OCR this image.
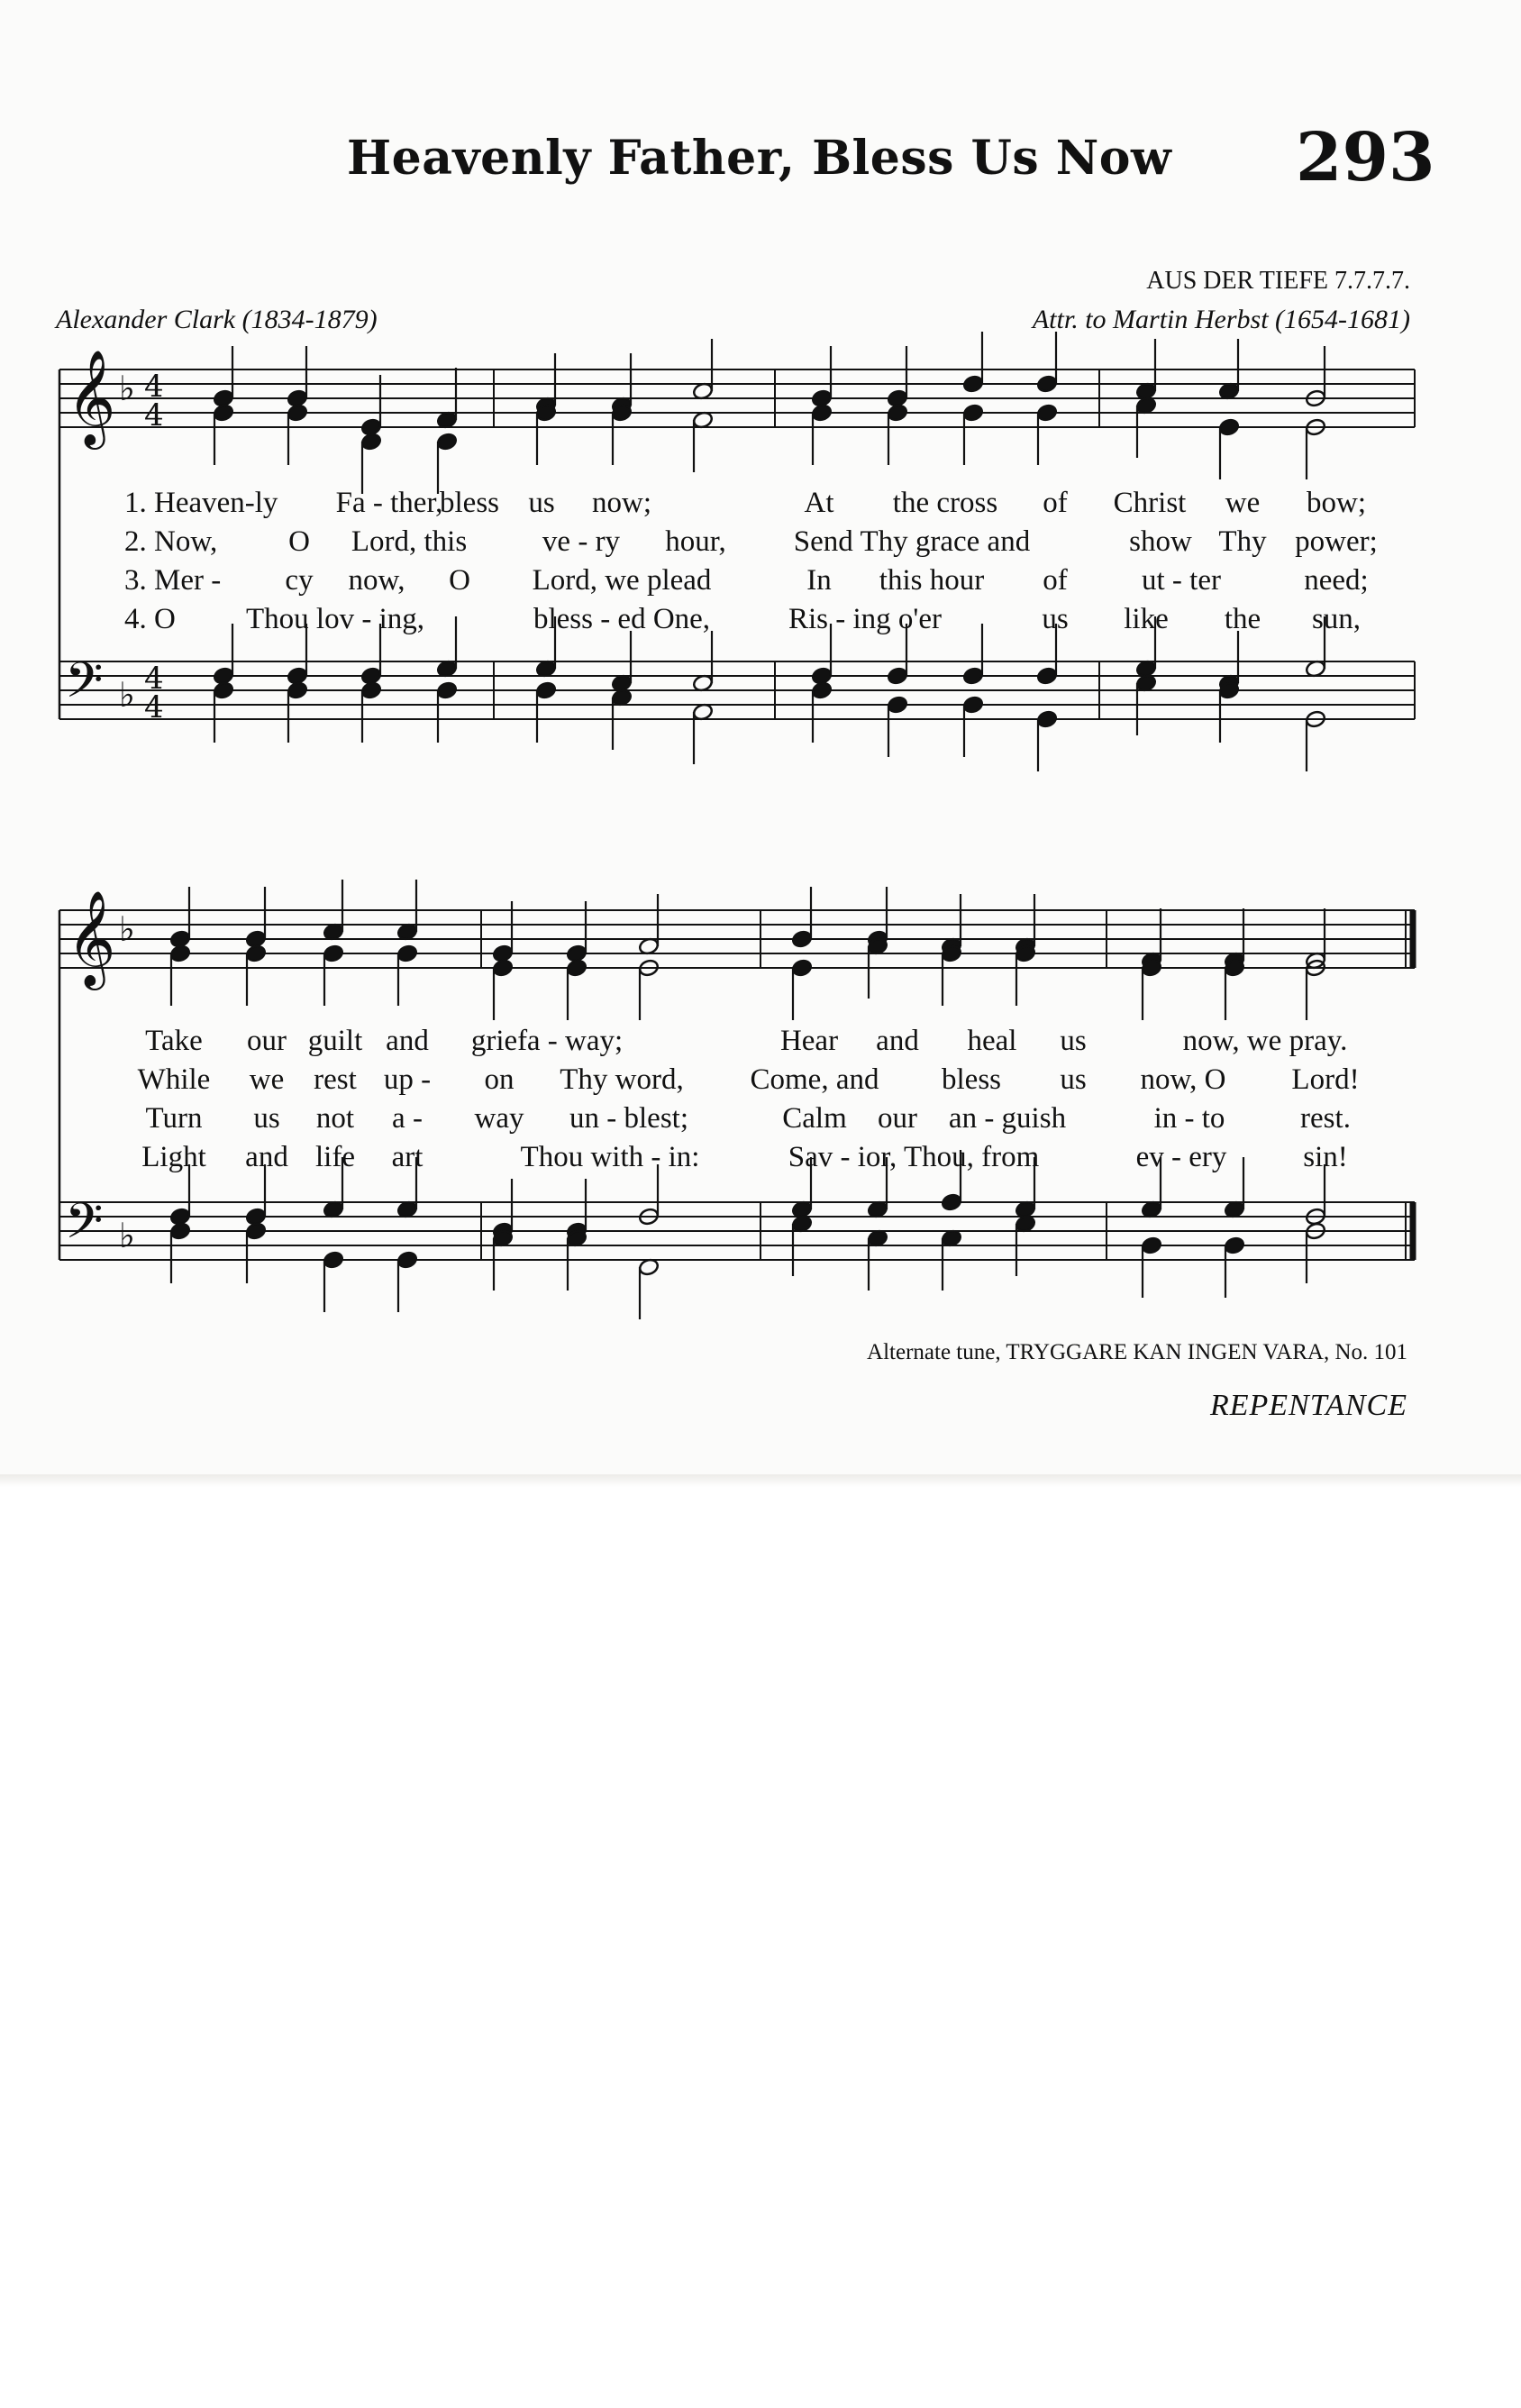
Heavenly Father, Bless Us Now 293
AUS DER TIEFE 7.7.7.7.
Alexander Clark (1834-1879)	Attr. to Martin Herbst (1654-1681)
𝄞
𝄢
♭
♭
4
4
4
4
𝄞
𝄢
♭
♭
1. Heaven-ly Fa - ther,
bless us now;	At the cross of Christ we bow;
2. Now, O Lord, this	ve - ry hour, Send Thy grace and	show Thy power;
3. Mer - cy now, O Lord, we plead	In this hour of ut - ter	need;
4. O Thou lov - ing,	bless - ed One,	Ris - ing o'er	us like the sun,
Take our guilt and grief a - way;	Hear and heal us	now, we pray.
While we rest up - on Thy word, Come, and bless us now, O Lord!
Turn us not a - way un - blest;	Calm our an - guish	in - to	rest.
Light and life art	Thou with - in:	Sav - ior, Thou, from	ev - ery	sin!
Alternate tune, TRYGGARE KAN INGEN VARA, No. 101
REPENTANCE
